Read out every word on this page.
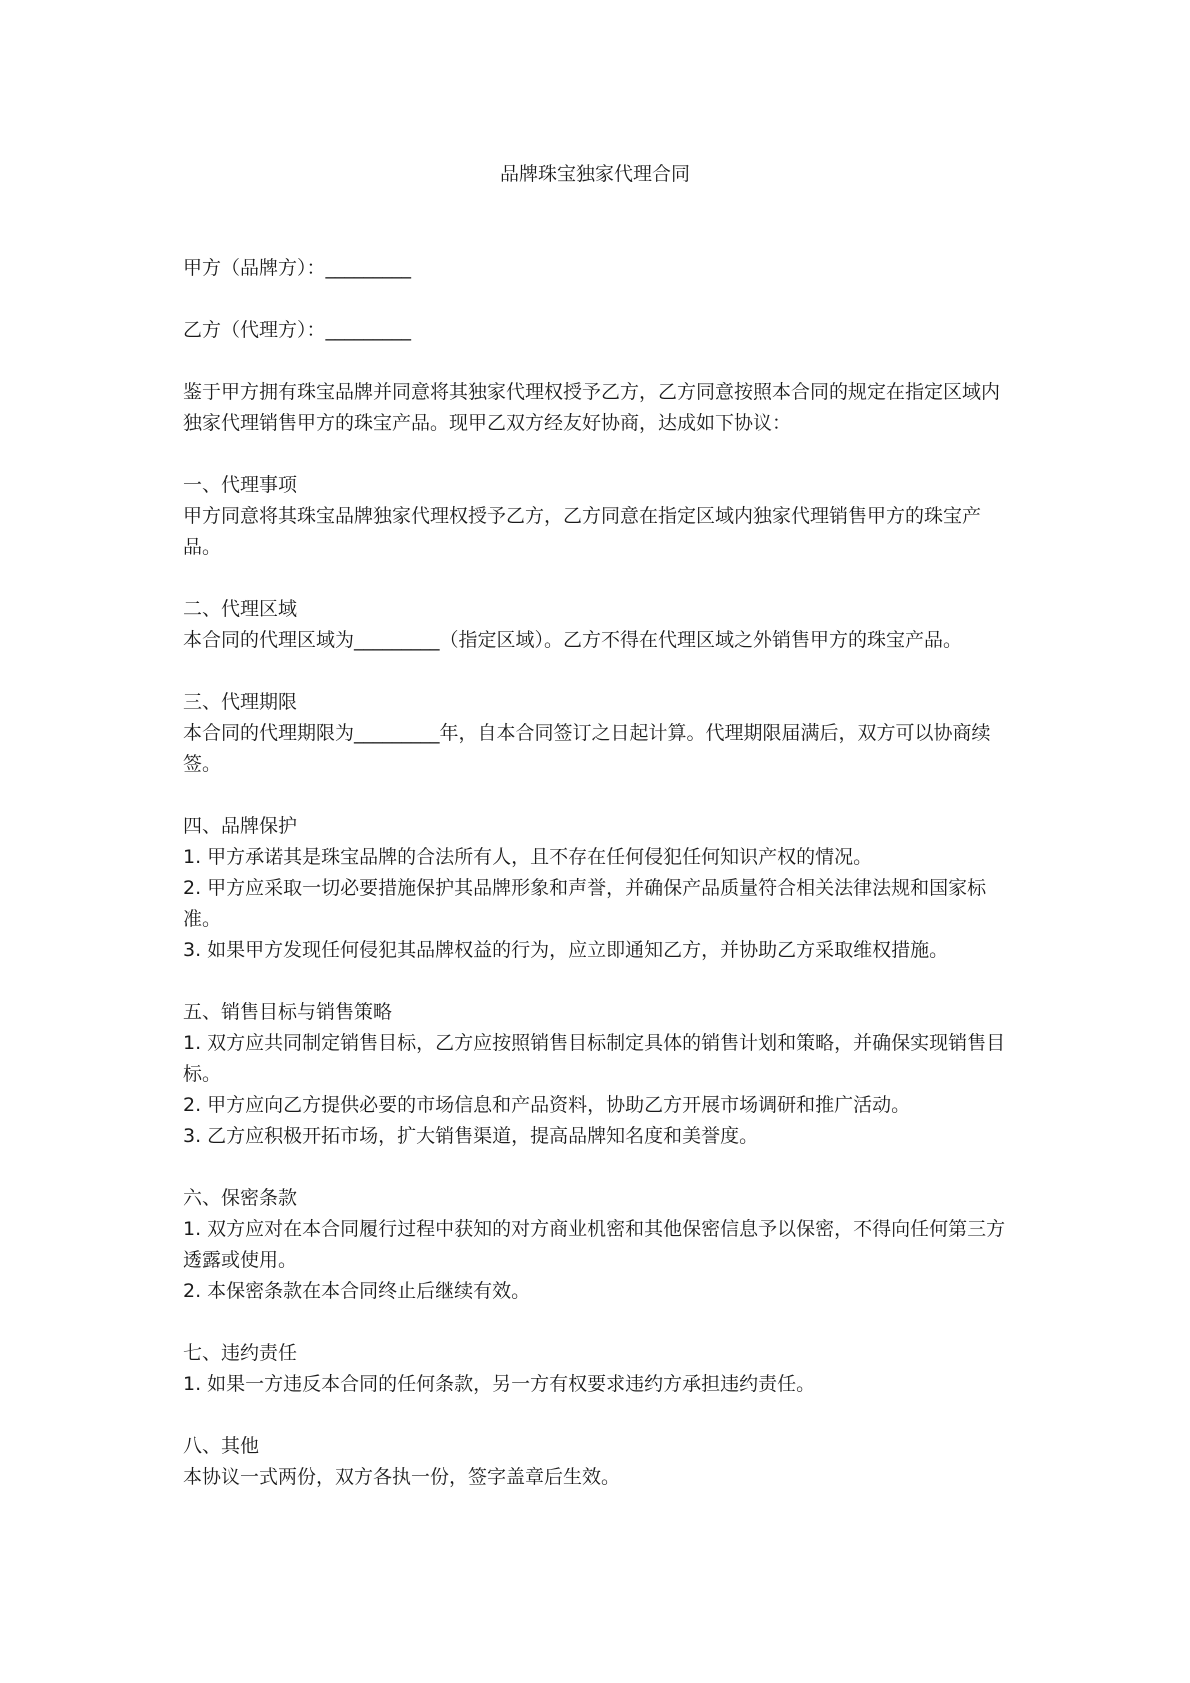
品牌珠宝独家代理合同

甲方（品牌方）：_________

乙方（代理方）：_________

鉴于甲方拥有珠宝品牌并同意将其独家代理权授予乙方，乙方同意按照本合同的规定在指定区域内独家代理销售甲方的珠宝产品。现甲乙双方经友好协商，达成如下协议：

一、代理事项

甲方同意将其珠宝品牌独家代理权授予乙方，乙方同意在指定区域内独家代理销售甲方的珠宝产品。

二、代理区域

本合同的代理区域为_________（指定区域）。乙方不得在代理区域之外销售甲方的珠宝产品。

三、代理期限

本合同的代理期限为_________年，自本合同签订之日起计算。代理期限届满后，双方可以协商续签。

四、品牌保护

1. 甲方承诺其是珠宝品牌的合法所有人，且不存在任何侵犯任何知识产权的情况。

2. 甲方应采取一切必要措施保护其品牌形象和声誉，并确保产品质量符合相关法律法规和国家标准。

3. 如果甲方发现任何侵犯其品牌权益的行为，应立即通知乙方，并协助乙方采取维权措施。

五、销售目标与销售策略

1. 双方应共同制定销售目标，乙方应按照销售目标制定具体的销售计划和策略，并确保实现销售目标。

2. 甲方应向乙方提供必要的市场信息和产品资料，协助乙方开展市场调研和推广活动。

3. 乙方应积极开拓市场，扩大销售渠道，提高品牌知名度和美誉度。

六、保密条款

1. 双方应对在本合同履行过程中获知的对方商业机密和其他保密信息予以保密，不得向任何第三方透露或使用。

2. 本保密条款在本合同终止后继续有效。

七、违约责任

1. 如果一方违反本合同的任何条款，另一方有权要求违约方承担违约责任。

八、其他

本协议一式两份，双方各执一份，签字盖章后生效。
